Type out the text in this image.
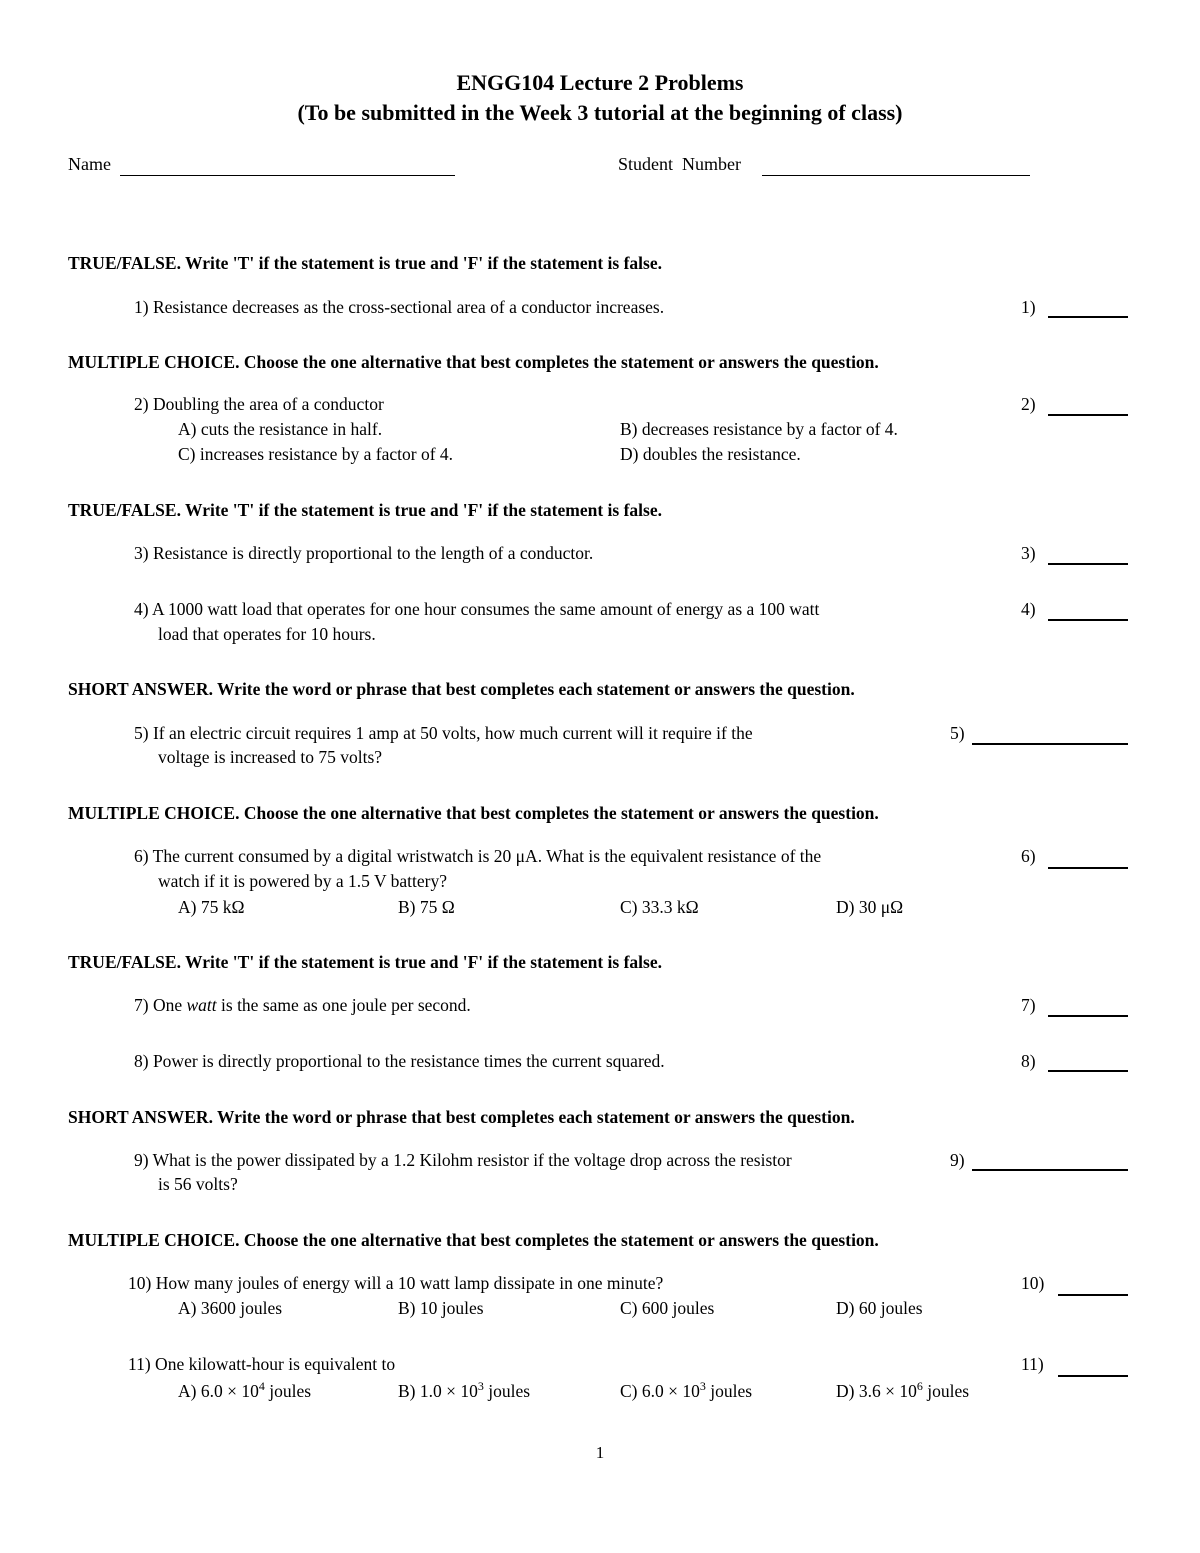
ENGG104 Lecture 2 Problems
(To be submitted in the Week 3 tutorial at the beginning of class)
Name	Student  Number
TRUE/FALSE. Write 'T' if the statement is true and 'F' if the statement is false.
1) Resistance decreases as the cross-sectional area of a conductor increases.	1)
MULTIPLE CHOICE. Choose the one alternative that best completes the statement or answers the question.
2) Doubling the area of a conductor	2)
A) cuts the resistance in half.	B) decreases resistance by a factor of 4.
C) increases resistance by a factor of 4.	D) doubles the resistance.
TRUE/FALSE. Write 'T' if the statement is true and 'F' if the statement is false.
3) Resistance is directly proportional to the length of a conductor.	3)
4) A 1000 watt load that operates for one hour consumes the same amount of energy as a 100 watt
load that operates for 10 hours.
4)
SHORT ANSWER. Write the word or phrase that best completes each statement or answers the question.
5) If an electric circuit requires 1 amp at 50 volts, how much current will it require if the
voltage is increased to 75 volts?
5)
MULTIPLE CHOICE. Choose the one alternative that best completes the statement or answers the question.
6) The current consumed by a digital wristwatch is 20 μA. What is the equivalent resistance of the
watch if it is powered by a 1.5 V battery?
6)
A) 75 kΩ	B) 75 Ω	C) 33.3 kΩ	D) 30 μΩ
TRUE/FALSE. Write 'T' if the statement is true and 'F' if the statement is false.
7) One watt is the same as one joule per second.	7)
8) Power is directly proportional to the resistance times the current squared.	8)
SHORT ANSWER. Write the word or phrase that best completes each statement or answers the question.
9) What is the power dissipated by a 1.2 Kilohm resistor if the voltage drop across the resistor
is 56 volts?
9)
MULTIPLE CHOICE. Choose the one alternative that best completes the statement or answers the question.
10) How many joules of energy will a 10 watt lamp dissipate in one minute?	10)
A) 3600 joules	B) 10 joules	C) 600 joules	D) 60 joules
11) One kilowatt-hour is equivalent to	11)
A) $6.0 \times 10^4$ joules	B) $1.0 \times 10^3$ joules	C) $6.0 \times 10^3$ joules	D) $3.6 \times 10^6$ joules
1
